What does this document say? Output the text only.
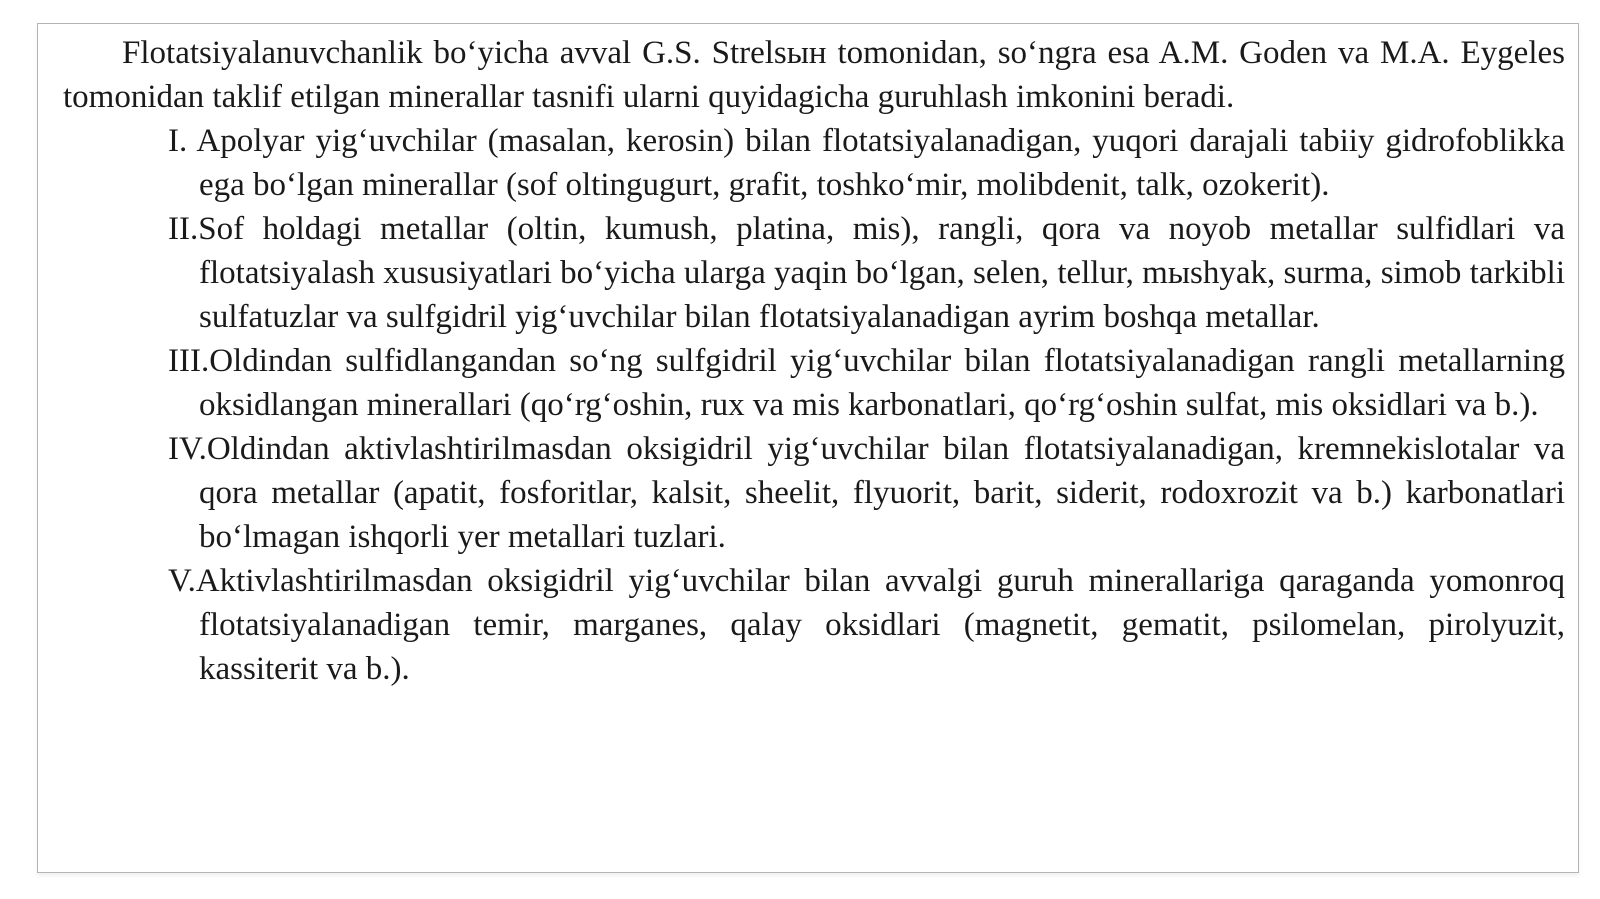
Flotatsiyalanuvchanlik bo‘yicha avval G.S. Strelsын tomonidan, so‘ngra esa A.M. Goden va M.A. Eygeles tomonidan taklif etilgan minerallar tasnifi ularni quyidagicha guruhlash imkonini beradi.

I. Apolyar yig‘uvchilar (masalan, kerosin) bilan flotatsiyalanadigan, yuqori darajali tabiiy gidrofoblikka ega bo‘lgan minerallar (sof oltingugurt, grafit, toshko‘mir, molibdenit, talk, ozokerit).
II.Sof holdagi metallar (oltin, kumush, platina, mis), rangli, qora va noyob metallar sulfidlari va flotatsiyalash xususiyatlari bo‘yicha ularga yaqin bo‘lgan, selen, tellur, mыshyak, surma, simob tarkibli sulfatuzlar va sulfgidril yig‘uvchilar bilan flotatsiyalanadigan ayrim boshqa metallar.
III.Oldindan sulfidlangandan so‘ng sulfgidril yig‘uvchilar bilan flotatsiyalanadigan rangli metallarning oksidlangan minerallari (qo‘rg‘oshin, rux va mis karbonatlari, qo‘rg‘oshin sulfat, mis oksidlari va b.).
IV.Oldindan aktivlashtirilmasdan oksigidril yig‘uvchilar bilan flotatsiyalanadigan, kremnekislotalar va qora metallar (apatit, fosforitlar, kalsit, sheelit, flyuorit, barit, siderit, rodoxrozit va b.) karbonatlari bo‘lmagan ishqorli yer metallari tuzlari.
V.Aktivlashtirilmasdan oksigidril yig‘uvchilar bilan avvalgi guruh minerallariga qaraganda yomonroq flotatsiyalanadigan temir, marganes, qalay oksidlari (magnetit, gematit, psilomelan, pirolyuzit, kassiterit va b.).
